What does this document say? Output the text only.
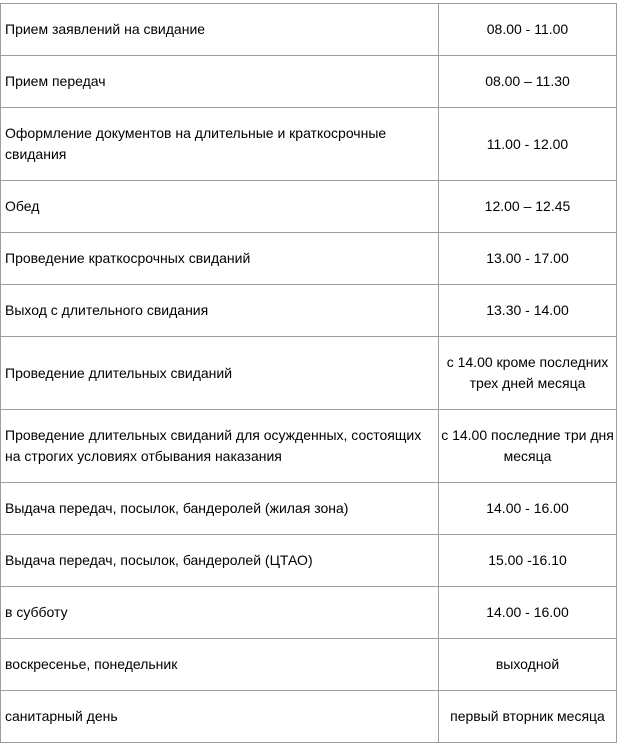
Прием заявлений на свидание	08.00 - 11.00
Прием передач	08.00 – 11.30
Оформление документов на длительные и краткосрочные свидания	11.00 - 12.00
Обед	12.00 – 12.45
Проведение краткосрочных свиданий	13.00 - 17.00
Выход с длительного свидания	13.30 - 14.00
Проведение длительных свиданий	с 14.00 кроме последних трех дней месяца
Проведение длительных свиданий для осужденных, состоящих на строгих условиях отбывания наказания	с 14.00 последние три дня месяца
Выдача передач, посылок, бандеролей (жилая зона)	14.00 - 16.00
Выдача передач, посылок, бандеролей (ЦТАО)	15.00 -16.10
в субботу	14.00 - 16.00
воскресенье, понедельник	выходной
санитарный день	первый вторник месяца
